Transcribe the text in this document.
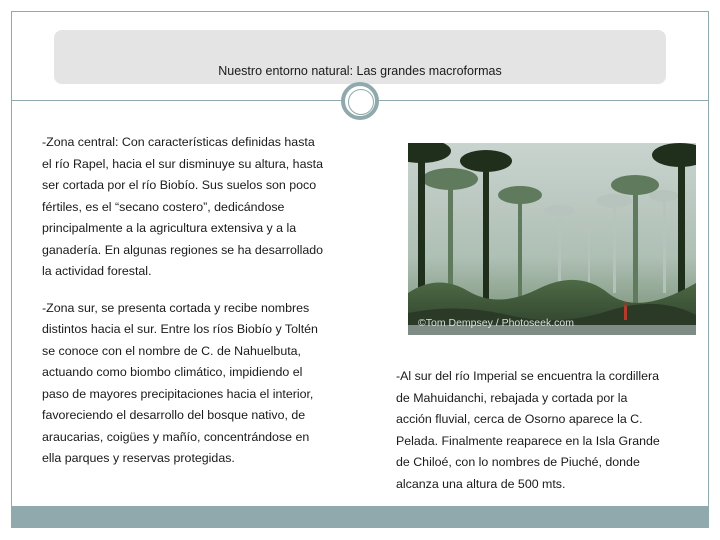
Nuestro entorno natural: Las grandes macroformas

-Zona central: Con características definidas hasta
el río Rapel, hacia el sur disminuye su altura, hasta
ser cortada por el río Biobío. Sus suelos son poco
fértiles, es el “secano costero”, dedicándose
principalmente a la agricultura extensiva y a la
ganadería. En algunas regiones se ha desarrollado
la actividad forestal.

-Zona sur, se presenta cortada y recibe nombres
distintos hacia el sur. Entre los ríos Biobío y Toltén
se conoce con el nombre de C. de Nahuelbuta,
actuando como biombo climático, impidiendo el
paso de mayores precipitaciones hacia el interior,
favoreciendo el desarrollo del bosque nativo, de
araucarias, coigües y mañío, concentrándose en
ella parques y reservas protegidas.

©Tom Dempsey / Photoseek.com
-Al sur del río Imperial se encuentra la cordillera
de Mahuidanchi, rebajada y cortada por la
acción fluvial, cerca de Osorno aparece la C.
Pelada. Finalmente reaparece en la Isla Grande
de Chiloé, con lo nombres de Piuché, donde
alcanza una altura de 500 mts.
